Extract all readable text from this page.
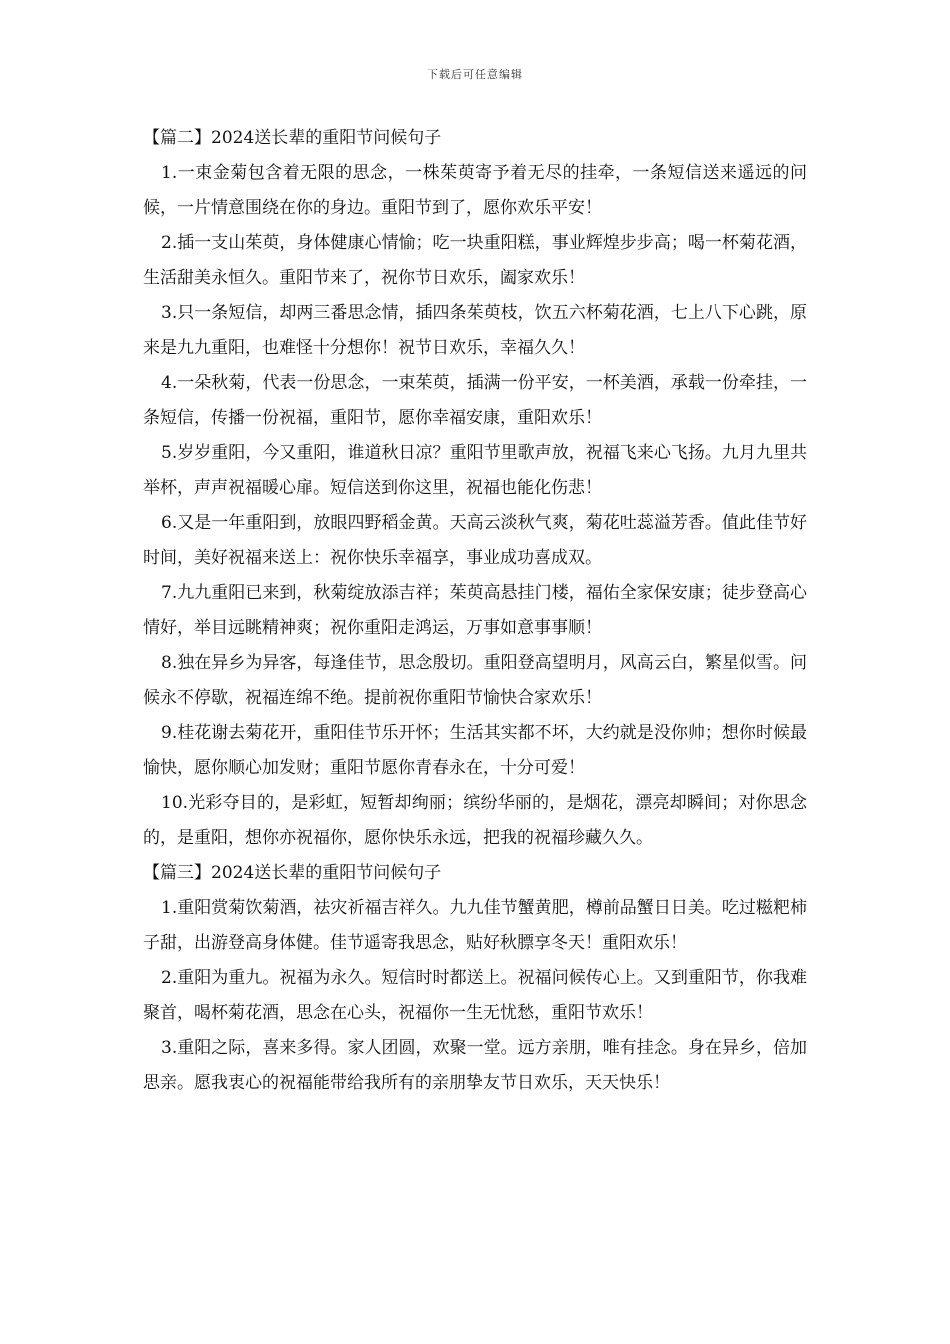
下载后可任意编辑

【篇二】2024送长辈的重阳节问候句子

1.一束金菊包含着无限的思念，一株茱萸寄予着无尽的挂牵，一条短信送来遥远的问候，一片情意围绕在你的身边。重阳节到了，愿你欢乐平安！

2.插一支山茱萸，身体健康心情愉；吃一块重阳糕，事业辉煌步步高；喝一杯菊花酒，生活甜美永恒久。重阳节来了，祝你节日欢乐，阖家欢乐！

3.只一条短信，却两三番思念情，插四条茱萸枝，饮五六杯菊花酒，七上八下心跳，原来是九九重阳，也难怪十分想你！祝节日欢乐，幸福久久！

4.一朵秋菊，代表一份思念，一束茱萸，插满一份平安，一杯美酒，承载一份牵挂，一条短信，传播一份祝福，重阳节，愿你幸福安康，重阳欢乐！

5.岁岁重阳，今又重阳，谁道秋日凉？重阳节里歌声放，祝福飞来心飞扬。九月九里共举杯，声声祝福暖心扉。短信送到你这里，祝福也能化伤悲！

6.又是一年重阳到，放眼四野稻金黄。天高云淡秋气爽，菊花吐蕊溢芳香。值此佳节好时间，美好祝福来送上：祝你快乐幸福享，事业成功喜成双。

7.九九重阳已来到，秋菊绽放添吉祥；茱萸高悬挂门楼，福佑全家保安康；徒步登高心情好，举目远眺精神爽；祝你重阳走鸿运，万事如意事事顺！

8.独在异乡为异客，每逢佳节，思念殷切。重阳登高望明月，风高云白，繁星似雪。问候永不停歇，祝福连绵不绝。提前祝你重阳节愉快合家欢乐！

9.桂花谢去菊花开，重阳佳节乐开怀；生活其实都不坏，大约就是没你帅；想你时候最愉快，愿你顺心加发财；重阳节愿你青春永在，十分可爱！

10.光彩夺目的，是彩虹，短暂却绚丽；缤纷华丽的，是烟花，漂亮却瞬间；对你思念的，是重阳，想你亦祝福你，愿你快乐永远，把我的祝福珍藏久久。

【篇三】2024送长辈的重阳节问候句子

1.重阳赏菊饮菊酒，祛灾祈福吉祥久。九九佳节蟹黄肥，樽前品蟹日日美。吃过糍粑柿子甜，出游登高身体健。佳节遥寄我思念，贴好秋膘享冬天！重阳欢乐！

2.重阳为重九。祝福为永久。短信时时都送上。祝福问候传心上。又到重阳节，你我难聚首，喝杯菊花酒，思念在心头，祝福你一生无忧愁，重阳节欢乐！

3.重阳之际，喜来多得。家人团圆，欢聚一堂。远方亲朋，唯有挂念。身在异乡，倍加思亲。愿我衷心的祝福能带给我所有的亲朋挚友节日欢乐，天天快乐！
